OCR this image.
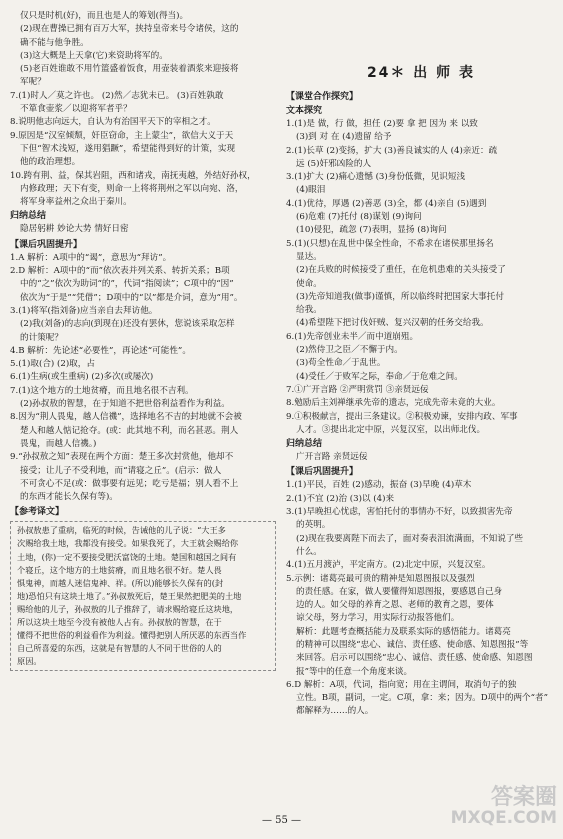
仅只是时机(好)，而且也是人的筹划(得当)。
(2)现在曹操已拥有百万大军，挟持皇帝来号令诸侯，这的
确不能与他争胜。
(3)这大概是上天拿(它)来资助将军的。
(5)老百姓谁敢不用竹篮盛着饭食，用壶装着酒浆来迎接将
军呢？
7.(1)时人／莫之许也。 (2)然／志犹未已。 (3)百姓孰敢
不箪食壶浆／以迎将军者乎？
8.说明他志向远大，自认为有治国平天下的宰相之才。
9.原因是“汉室倾颓，奸臣窃命，主上蒙尘”，欲信大义于天
下但“智术浅短，遂用猖蹶”，希望能得到好的计策，实现
他的政治理想。
10.跨有荆、益，保其岩阻，西和诸戎，南抚夷越，外结好孙权，
内修政理；天下有变，则命一上将将荆州之军以向宛、洛，
将军身率益州之众出于秦川。
归纳总结
隐居躬耕 妙论大势 情好日密
【课后巩固提升】
1.A 解析：A项中的“谒”，意思为“拜访”。
2.D 解析：A项中的“而”依次表并列关系、转折关系；B项
中的“之”依次为助词“的”，代词“指阅读”；C项中的“因”
依次为“于是”“凭借”；D项中的“以”都是介词，意为“用”。
3.(1)将军(指刘备)应当亲自去拜访他。
(2)我(刘备)的志向(到现在)还没有罢休，您说该采取怎样
的计策呢？
4.B 解析：先论述“必要性”，再论述“可能性”。
5.(1)取(合) (2)取，占
6.(1)生病(或生重病) (2)多次(或屡次)
7.(1)这个地方的土地贫瘠，而且地名很不吉利。
(2)孙叔敖的智慧，在于知道不把世俗利益看作为利益。
8.因为“荆人畏鬼，越人信禨”，选择地名不吉的封地就不会被
楚人和越人惦记抢夺。(或：此其地不利，而名甚恶。荆人
畏鬼，而越人信禨。)
9.“孙叔敖之知”表现在两个方面：楚王多次封赏他，他却不
接受；让儿子不受利地，而“请寝之丘”。(启示：做人
不可贪心不足(或：做事要有远见；吃亏是福；别人看不上
的东西才能长久保有等)。
【参考译文】
孙叔敖患了重病，临死的时候，告诫他的儿子说：“大王多
次赐给我土地，我都没有接受。如果我死了，大王就会赐给你
土地，(你)一定不要接受肥沃富饶的土地。楚国和越国之间有
个寝丘，这个地方的土地贫瘠，而且地名很不好。楚人畏
惧鬼神，而越人迷信鬼神、祥。(所以)能够长久保有的(封
地)恐怕只有这块土地了。”孙叔敖死后，楚王果然把肥美的土地
赐给他的儿子，孙叔敖的儿子推辞了，请求赐给寝丘这块地，
所以这块土地至今没有被他人占有。孙叔敖的智慧，在于
懂得不把世俗的利益看作为利益。懂得把别人所厌恶的东西当作
自己所喜爱的东西，这就是有智慧的人不同于世俗的人的
原因。
24＊ 出 师 表
【课堂合作探究】
文本探究
1.(1)是 做，行 做，担任 (2)要 拿 把 因为 来 以致
(3)到 对 在 (4)遗留 给予
2.(1)长草 (2)变扬，扩大 (3)善良诚实的人 (4)亲近：疏
远 (5)奸邪凶险的人
3.(1)扩大 (2)痛心遗憾 (3)身份低微，见识短浅
(4)眼泪
4.(1)优待，厚遇 (2)善恶 (3)全，都 (4)亲自 (5)遇到
(6)危难 (7)托付 (8)谋划 (9)询问
(10)侵犯，疏忽 (7)表明，显扬 (8)询问
5.(1)(只想)在乱世中保全性命，不希求在诸侯那里扬名
显达。
(2)在兵败的时候接受了重任，在危机患难的关头接受了
使命。
(3)先帝知道我(做事)谨慎，所以临终时把国家大事托付
给我。
(4)希望陛下把讨伐奸贼、复兴汉朝的任务交给我。
6.(1)先帝创业未半／而中道崩殂。
(2)然侍卫之臣／不懈于内。
(3)苟全性命／于乱世。
(4)受任／于败军之际，奉命／于危难之间。
7.①广开言路 ②严明赏罚 ③亲贤远佞
8.勉励后主刘禅继承先帝的遗志，完成先帝未竟的大业。
9.①积极献言，提出三条建议。②积极劝谏，安排内政、军事
人才。③提出北定中原，兴复汉室，以出师北伐。
归纳总结
广开言路 亲贤远佞
【课后巩固提升】
1.(1)平民，百姓 (2)感动，振奋 (3)早晚 (4)草木
2.(1)不宜 (2)治 (3)以 (4)来
3.(1)早晚担心忧虑，害怕托付的事情办不好，以致损害先帝
的英明。
(2)现在我要离陛下而去了，面对奏表泪流满面，不知说了些
什么。
4.(1)五月渡泸，平定南方。(2)北定中原，兴复汉室。
5.示例：诸葛亮最可贵的精神是知恩图报以及强烈
的责任感。在家，做人要懂得知恩图报，要感恩自己身
边的人。如父母的养育之恩、老师的教育之恩，要体
谅父母，努力学习，用实际行动报答他们。
解析：此题考查概括能力及联系实际的感悟能力。诸葛亮
的精神可以围绕“忠心、诚信、责任感、使命感、知恩图报”等
来回答。启示可以围绕“忠心、诚信、责任感、使命感、知恩图
报”等中的任意一个角度来谈。
6.D 解析：A项，代词，指向宽；用在主谓间，取消句子的独
立性。B项，副词，一定。C项，拿：来；因为。D项中的两个“者”
都解释为……的人。
— 55 —
答案圈
MXQE.COM
